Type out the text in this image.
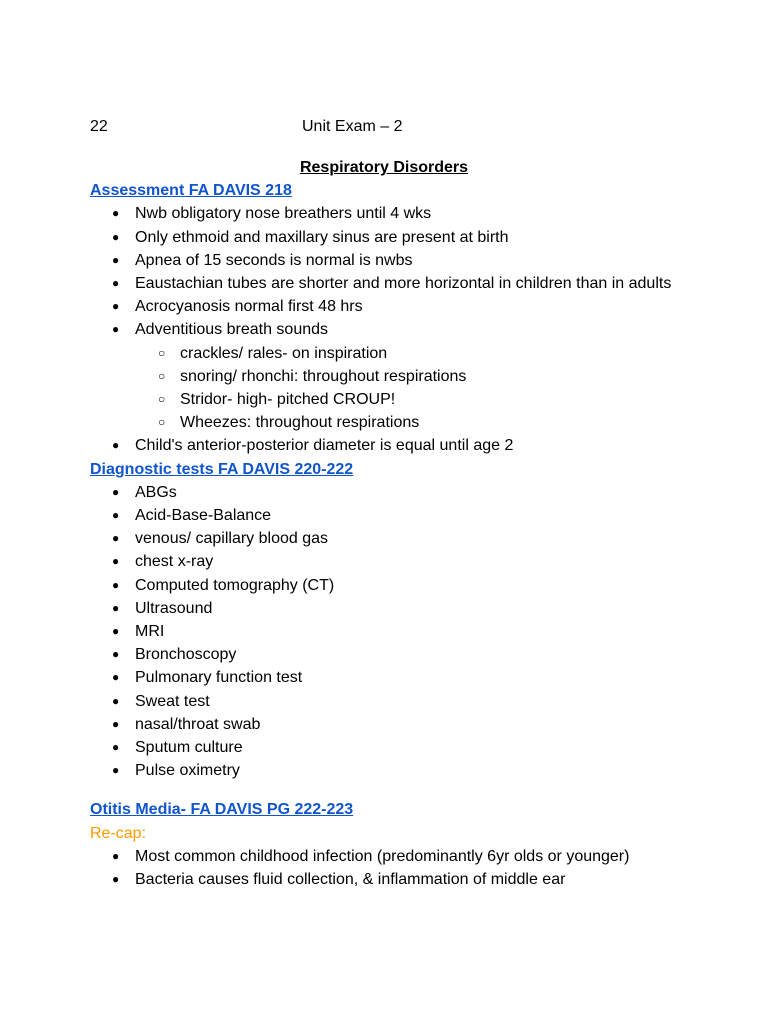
22	Unit Exam – 2

Respiratory Disorders

Assessment FA DAVIS 218
● Nwb obligatory nose breathers until 4 wks
● Only ethmoid and maxillary sinus are present at birth
● Apnea of 15 seconds is normal is nwbs
● Eaustachian tubes are shorter and more horizontal in children than in adults
● Acrocyanosis normal first 48 hrs
● Adventitious breath sounds
○ crackles/ rales- on inspiration
○ snoring/ rhonchi: throughout respirations
○ Stridor- high- pitched CROUP!
○ Wheezes: throughout respirations
● Child's anterior-posterior diameter is equal until age 2
Diagnostic tests FA DAVIS 220-222
● ABGs
● Acid-Base-Balance
● venous/ capillary blood gas
● chest x-ray
● Computed tomography (CT)
● Ultrasound
● MRI
● Bronchoscopy
● Pulmonary function test
● Sweat test
● nasal/throat swab
● Sputum culture
● Pulse oximetry
Otitis Media- FA DAVIS PG 222-223

Re-cap:

● Most common childhood infection (predominantly 6yr olds or younger)
● Bacteria causes fluid collection, & inflammation of middle ear
